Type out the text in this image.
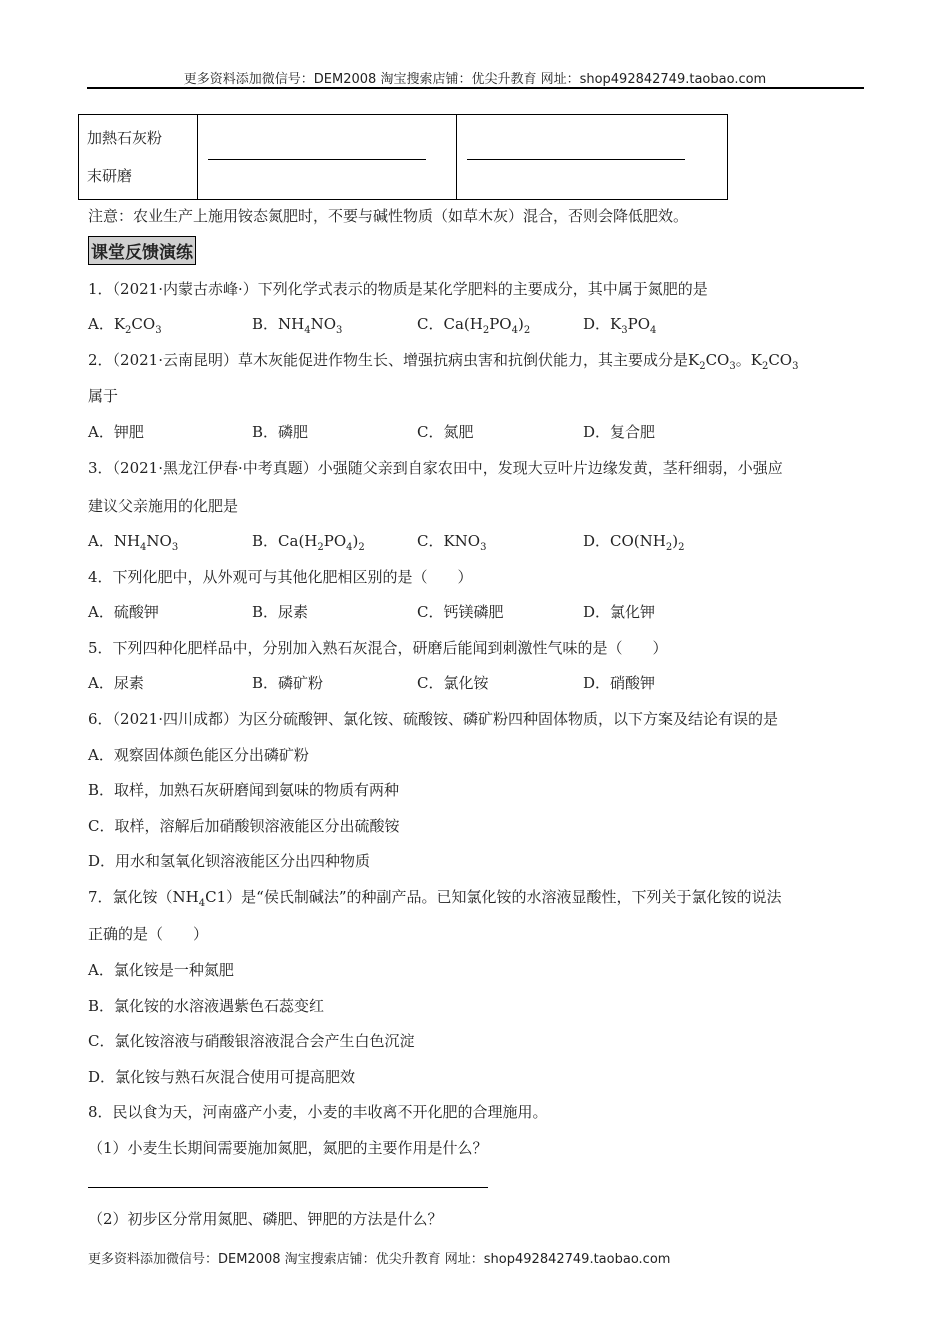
更多资料添加微信号：DEM2008 淘宝搜索店铺：优尖升教育 网址：shop492842749.taobao.com
加熱石灰粉
末研磨

注意：农业生产上施用铵态氮肥时，不要与碱性物质（如草木灰）混合，否则会降低肥效。
课堂反馈演练
1．（2021·内蒙古赤峰·）下列化学式表示的物质是某化学肥料的主要成分，其中属于氮肥的是
A．$K_2CO_3$	B．$NH_4NO_3$	C．$Ca(H_2PO_4)_2$	D．$K_3PO_4$
2．（2021·云南昆明）草木灰能促进作物生长、增强抗病虫害和抗倒伏能力，其主要成分是$K_2CO_3$。$K_2CO_3$
属于
A．钾肥	B．磷肥	C．氮肥	D．复合肥
3．（2021·黑龙江伊春·中考真题）小强随父亲到自家农田中，发现大豆叶片边缘发黄，茎秆细弱，小强应
建议父亲施用的化肥是
A．$NH_4NO_3$	B．$Ca(H_2PO_4)_2$	C．$KNO_3$	D．$CO(NH_2)_2$
4．下列化肥中，从外观可与其他化肥相区别的是（　　）
A．硫酸钾	B．尿素	C．钙镁磷肥	D．氯化钾
5．下列四种化肥样品中，分别加入熟石灰混合，研磨后能闻到刺激性气味的是（　　）
A．尿素	B．磷矿粉	C．氯化铵	D．硝酸钾
6．（2021·四川成都）为区分硫酸钾、氯化铵、硫酸铵、磷矿粉四种固体物质，以下方案及结论有误的是
A．观察固体颜色能区分出磷矿粉
B．取样，加熟石灰研磨闻到氨味的物质有两种
C．取样，溶解后加硝酸钡溶液能区分出硫酸铵
D．用水和氢氧化钡溶液能区分出四种物质
7．氯化铵$(NH_4C1)$是“侯氏制碱法”的种副产品。已知氯化铵的水溶液显酸性，下列关于氯化铵的说法
正确的是（　　）
A．氯化铵是一种氮肥
B．氯化铵的水溶液遇紫色石蕊变红
C．氯化铵溶液与硝酸银溶液混合会产生白色沉淀
D．氯化铵与熟石灰混合使用可提高肥效
8．民以食为天，河南盛产小麦，小麦的丰收离不开化肥的合理施用。
（1）小麦生长期间需要施加氮肥，氮肥的主要作用是什么？
（2）初步区分常用氮肥、磷肥、钾肥的方法是什么？
更多资料添加微信号：DEM2008 淘宝搜索店铺：优尖升教育 网址：shop492842749.taobao.com
